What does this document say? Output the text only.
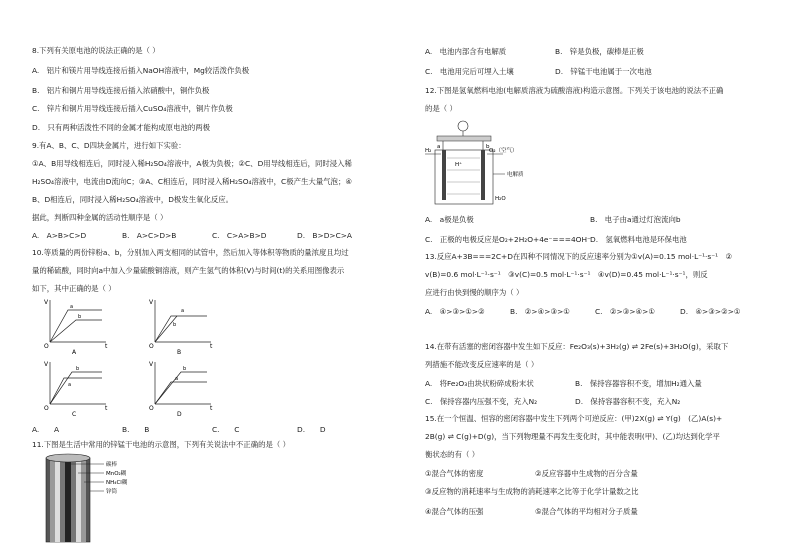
8.下列有关原电池的说法正确的是（ ）
A.　铝片和镁片用导线连接后插入NaOH溶液中，Mg较活泼作负极
B.　铝片和铜片用导线连接后插入浓硝酸中，铜作负极
C.　锌片和铜片用导线连接后插入CuSO₄溶液中，铜片作负极
D.　只有两种活泼性不同的金属才能构成原电池的两极
9.有A、B、C、D四块金属片，进行如下实验：
①A、B用导线相连后，同时浸入稀H₂SO₄溶液中，A极为负极；②C、D用导线相连后，同时浸入稀
H₂SO₄溶液中，电流由D流向C；③A、C相连后，同时浸入稀H₂SO₄溶液中，C极产生大量气泡；④
B、D相连后，同时浸入稀H₂SO₄溶液中，D极发生氧化反应。
据此，判断四种金属的活动性顺序是（ ）
A.　A>B>C>D	B.　A>C>D>B	C.　C>A>B>D	D.　B>D>C>A
10.等质量的两份锌粉a、b，分别加入两支相同的试管中，然后加入等体积等物质的量浓度且均过
量的稀硫酸，同时向a中加入少量硫酸铜溶液，则产生氢气的体积(V)与时间(t)的关系用图像表示
如下，其中正确的是（ ）
V
O	t
a
b
A
V
O	t
a
b
B
V
O	t
b
a
C
V
O	t
b
a
D
A.　　A	B.　　B	C.　　C	D.　　D
11.下图是生活中常用的锌锰干电池的示意图，下列有关说法中不正确的是（ ）
碳棒
MnO₂糊
NH₄Cl糊
锌筒
A.　电池内部含有电解质	B.　锌是负极，碳棒是正极
C.　电池用完后可埋入土壤	D.　锌锰干电池属于一次电池
12.下图是氢氧燃料电池(电解质溶液为硫酸溶液)构造示意图。下列关于该电池的说法不正确
的是（ ）
a	b
H₂	O₂（空气）
H⁺
电解质
H₂O
A.　a极是负极	B.　电子由a通过灯泡流向b
C.　正极的电极反应是O₂+2H₂O+4e⁻===4OH⁻ D.　氢氧燃料电池是环保电池
13.反应A+3B===2C+D在四种不同情况下的反应速率分别为①v(A)=0.15 mol·L⁻¹·s⁻¹　②
v(B)=0.6 mol·L⁻¹·s⁻¹　③v(C)=0.5 mol·L⁻¹·s⁻¹　④v(D)=0.45 mol·L⁻¹·s⁻¹，则反
应进行由快到慢的顺序为（ ）
A.　④>③>①>②	B.　②>④>③>①	C.　②>③>④>①	D.　④>③>②>①
14.在带有活塞的密闭容器中发生如下反应：Fe₂O₃(s)+3H₂(g) ⇌ 2Fe(s)+3H₂O(g)，采取下
列措施不能改变反应速率的是（ ）
A.　将Fe₂O₃由块状粉碎成粉末状	B.　保持容器容积不变，增加H₂通入量
C.　保持容器内压强不变，充入N₂	D.　保持容器容积不变，充入N₂
15.在一个恒温、恒容的密闭容器中发生下列两个可逆反应：(甲)2X(g) ⇌ Y(g)　(乙)A(s)+
2B(g) ⇌ C(g)+D(g)，当下列物理量不再发生变化时，其中能表明(甲)、(乙)均达到化学平
衡状态的有（ ）
①混合气体的密度	②反应容器中生成物的百分含量
③反应物的消耗速率与生成物的消耗速率之比等于化学计量数之比
④混合气体的压强	⑤混合气体的平均相对分子质量
